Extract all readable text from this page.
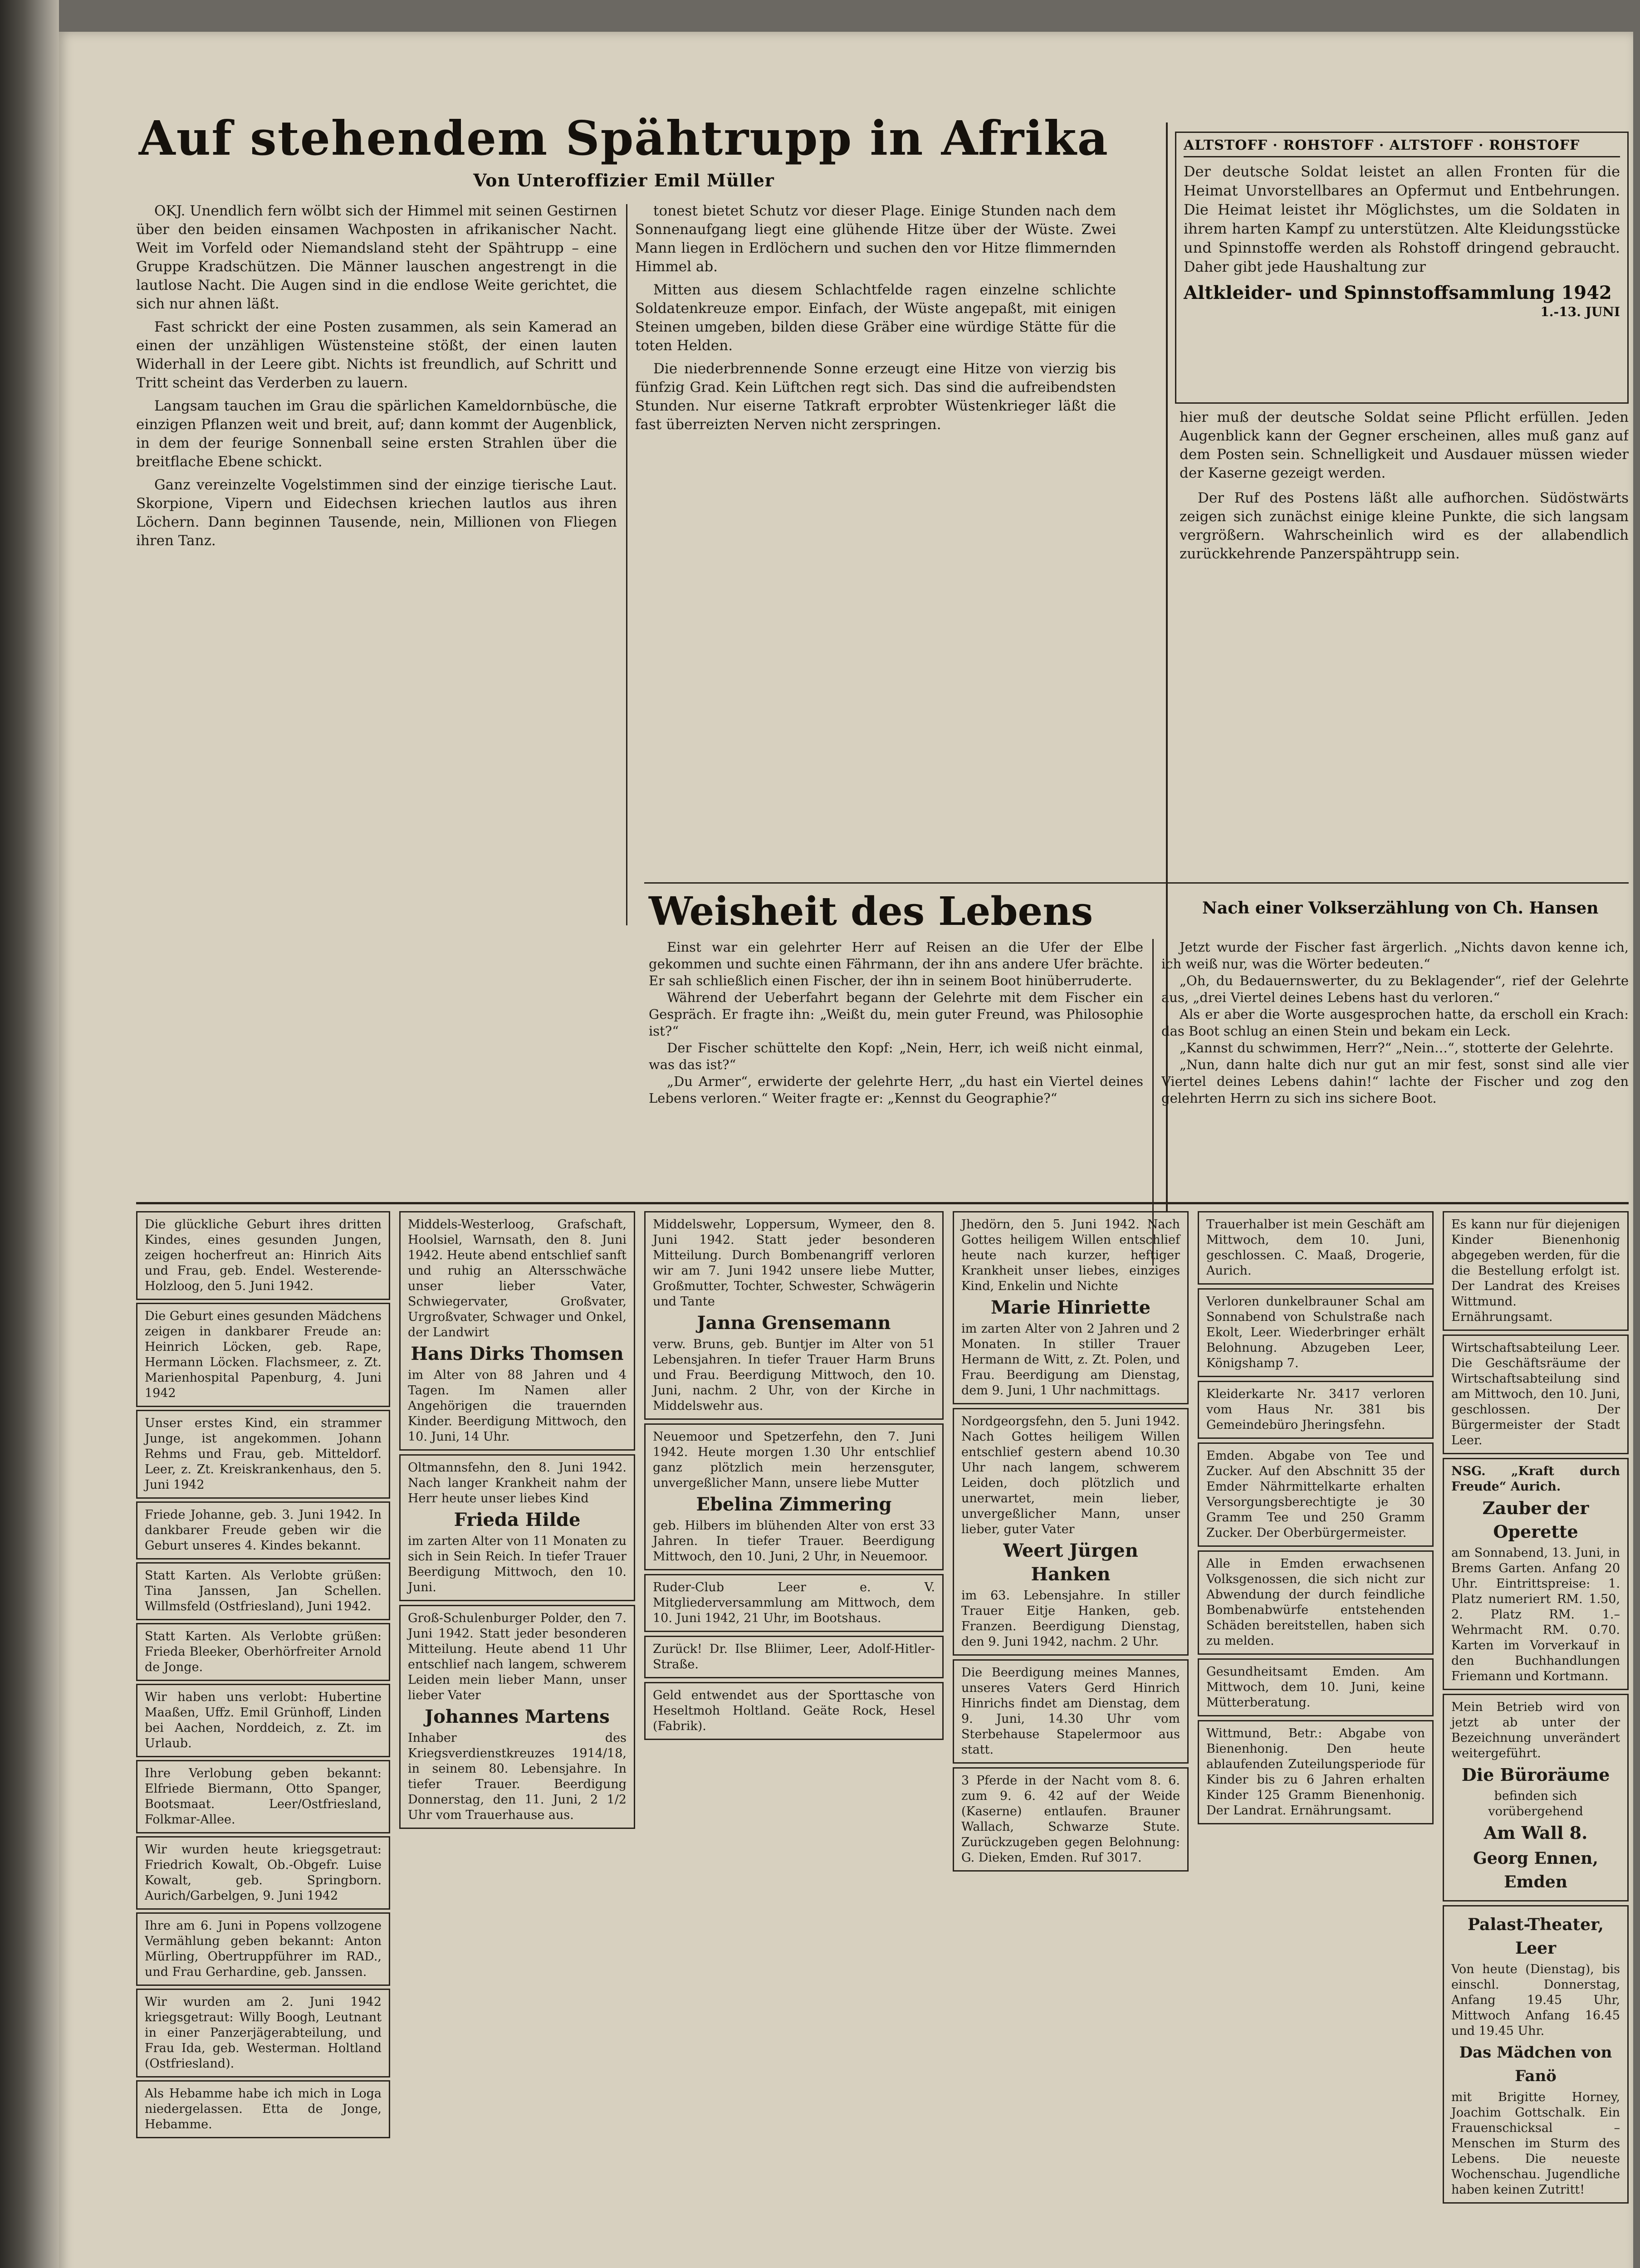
Auf stehendem Spähtrupp in Afrika
Von Unteroffizier Emil Müller

OKJ. Unendlich fern wölbt sich der Himmel mit seinen Gestirnen über den beiden einsamen Wachposten in afrikanischer Nacht. Weit im Vorfeld oder Niemandsland steht der Spähtrupp – eine Gruppe Kradschützen. Die Männer lauschen angestrengt in die lautlose Nacht. Die Augen sind in die endlose Weite gerichtet, die sich nur ahnen läßt.

Fast schrickt der eine Posten zusammen, als sein Kamerad an einen der unzähligen Wüstensteine stößt, der einen lauten Widerhall in der Leere gibt. Nichts ist freundlich, auf Schritt und Tritt scheint das Verderben zu lauern.

Langsam tauchen im Grau die spärlichen Kameldornbüsche, die einzigen Pflanzen weit und breit, auf; dann kommt der Augenblick, in dem der feurige Sonnenball seine ersten Strahlen über die breitflache Ebene schickt.

Ganz vereinzelte Vogelstimmen sind der einzige tierische Laut. Skorpione, Vipern und Eidechsen kriechen lautlos aus ihren Löchern. Dann beginnen Tausende, nein, Millionen von Fliegen ihren Tanz.

tonest bietet Schutz vor dieser Plage. Einige Stunden nach dem Sonnenaufgang liegt eine glühende Hitze über der Wüste. Zwei Mann liegen in Erdlöchern und suchen den vor Hitze flimmernden Himmel ab.

Mitten aus diesem Schlachtfelde ragen einzelne schlichte Soldatenkreuze empor. Einfach, der Wüste angepaßt, mit einigen Steinen umgeben, bilden diese Gräber eine würdige Stätte für die toten Helden.

Die niederbrennende Sonne erzeugt eine Hitze von vierzig bis fünfzig Grad. Kein Lüftchen regt sich. Das sind die aufreibendsten Stunden. Nur eiserne Tatkraft erprobter Wüstenkrieger läßt die fast überreizten Nerven nicht zerspringen.

ALTSTOFF · ROHSTOFF · ALTSTOFF · ROHSTOFF

Der deutsche Soldat leistet an allen Fronten für die Heimat Unvorstellbares an Opfermut und Entbehrungen. Die Heimat leistet ihr Möglichstes, um die Soldaten in ihrem harten Kampf zu unterstützen. Alte Kleidungsstücke und Spinnstoffe werden als Rohstoff dringend gebraucht. Daher gibt jede Haushaltung zur

Altkleider- und Spinnstoffsammlung 1942
1.-13. JUNI

hier muß der deutsche Soldat seine Pflicht erfüllen. Jeden Augenblick kann der Gegner erscheinen, alles muß ganz auf dem Posten sein. Schnelligkeit und Ausdauer müssen wieder der Kaserne gezeigt werden.

Der Ruf des Postens läßt alle aufhorchen. Südöstwärts zeigen sich zunächst einige kleine Punkte, die sich langsam vergrößern. Wahrscheinlich wird es der allabendlich zurückkehrende Panzerspähtrupp sein.

Weisheit des Lebens	Nach einer Volkserzählung von Ch. Hansen

Einst war ein gelehrter Herr auf Reisen an die Ufer der Elbe gekommen und suchte einen Fährmann, der ihn ans andere Ufer brächte. Er sah schließlich einen Fischer, der ihn in seinem Boot hinüberruderte.

Während der Ueberfahrt begann der Gelehrte mit dem Fischer ein Gespräch. Er fragte ihn: „Weißt du, mein guter Freund, was Philosophie ist?“

Der Fischer schüttelte den Kopf: „Nein, Herr, ich weiß nicht einmal, was das ist?“

„Du Armer“, erwiderte der gelehrte Herr, „du hast ein Viertel deines Lebens verloren.“ Weiter fragte er: „Kennst du Geographie?“

Jetzt wurde der Fischer fast ärgerlich. „Nichts davon kenne ich, ich weiß nur, was die Wörter bedeuten.“

„Oh, du Bedauernswerter, du zu Beklagender“, rief der Gelehrte aus, „drei Viertel deines Lebens hast du verloren.“

Als er aber die Worte ausgesprochen hatte, da erscholl ein Krach: das Boot schlug an einen Stein und bekam ein Leck.

„Kannst du schwimmen, Herr?“ „Nein…“, stotterte der Gelehrte.

„Nun, dann halte dich nur gut an mir fest, sonst sind alle vier Viertel deines Lebens dahin!“ lachte der Fischer und zog den gelehrten Herrn zu sich ins sichere Boot.

Die glückliche Geburt ihres dritten Kindes, eines gesunden Jungen, zeigen hocherfreut an: Hinrich Aits und Frau, geb. Endel. Westerende-Holzloog, den 5. Juni 1942.

Die Geburt eines gesunden Mädchens zeigen in dankbarer Freude an: Heinrich Löcken, geb. Rape, Hermann Löcken. Flachsmeer, z. Zt. Marienhospital Papenburg, 4. Juni 1942

Unser erstes Kind, ein strammer Junge, ist angekommen. Johann Rehms und Frau, geb. Mitteldorf. Leer, z. Zt. Kreiskrankenhaus, den 5. Juni 1942

Friede Johanne, geb. 3. Juni 1942. In dankbarer Freude geben wir die Geburt unseres 4. Kindes bekannt.

Statt Karten. Als Verlobte grüßen: Tina Janssen, Jan Schellen. Willmsfeld (Ostfriesland), Juni 1942.

Statt Karten. Als Verlobte grüßen: Frieda Bleeker, Oberhörfreiter Arnold de Jonge.

Wir haben uns verlobt: Hubertine Maaßen, Uffz. Emil Grünhoff, Linden bei Aachen, Norddeich, z. Zt. im Urlaub.

Ihre Verlobung geben bekannt: Elfriede Biermann, Otto Spanger, Bootsmaat. Leer/Ostfriesland, Folkmar-Allee.

Wir wurden heute kriegsgetraut: Friedrich Kowalt, Ob.-Obgefr. Luise Kowalt, geb. Springborn. Aurich/Garbelgen, 9. Juni 1942

Ihre am 6. Juni in Popens vollzogene Vermählung geben bekannt: Anton Mürling, Obertruppführer im RAD., und Frau Gerhardine, geb. Janssen.

Wir wurden am 2. Juni 1942 kriegsgetraut: Willy Boogh, Leutnant in einer Panzerjägerabteilung, und Frau Ida, geb. Westerman. Holtland (Ostfriesland).

Als Hebamme habe ich mich in Loga niedergelassen. Etta de Jonge, Hebamme.

Middels-Westerloog, Grafschaft, Hoolsiel, Warnsath, den 8. Juni 1942. Heute abend entschlief sanft und ruhig an Altersschwäche unser lieber Vater, Schwiegervater, Großvater, Urgroßvater, Schwager und Onkel, der Landwirt

Hans Dirks Thomsen

im Alter von 88 Jahren und 4 Tagen. Im Namen aller Angehörigen die trauernden Kinder. Beerdigung Mittwoch, den 10. Juni, 14 Uhr.

Oltmannsfehn, den 8. Juni 1942. Nach langer Krankheit nahm der Herr heute unser liebes Kind

Frieda Hilde

im zarten Alter von 11 Monaten zu sich in Sein Reich. In tiefer Trauer Beerdigung Mittwoch, den 10. Juni.

Groß-Schulenburger Polder, den 7. Juni 1942. Statt jeder besonderen Mitteilung. Heute abend 11 Uhr entschlief nach langem, schwerem Leiden mein lieber Mann, unser lieber Vater

Johannes Martens

Inhaber des Kriegsverdienstkreuzes 1914/18, in seinem 80. Lebensjahre. In tiefer Trauer. Beerdigung Donnerstag, den 11. Juni, 2 1/2 Uhr vom Trauerhause aus.

Middelswehr, Loppersum, Wymeer, den 8. Juni 1942. Statt jeder besonderen Mitteilung. Durch Bombenangriff verloren wir am 7. Juni 1942 unsere liebe Mutter, Großmutter, Tochter, Schwester, Schwägerin und Tante

Janna Grensemann

verw. Bruns, geb. Buntjer im Alter von 51 Lebensjahren. In tiefer Trauer Harm Bruns und Frau. Beerdigung Mittwoch, den 10. Juni, nachm. 2 Uhr, von der Kirche in Middelswehr aus.

Neuemoor und Spetzerfehn, den 7. Juni 1942. Heute morgen 1.30 Uhr entschlief ganz plötzlich mein herzensguter, unvergeßlicher Mann, unsere liebe Mutter

Ebelina Zimmering

geb. Hilbers im blühenden Alter von erst 33 Jahren. In tiefer Trauer. Beerdigung Mittwoch, den 10. Juni, 2 Uhr, in Neuemoor.

Ruder-Club Leer e. V. Mitgliederversammlung am Mittwoch, dem 10. Juni 1942, 21 Uhr, im Bootshaus.

Zurück! Dr. Ilse Bliimer, Leer, Adolf-Hitler-Straße.

Geld entwendet aus der Sporttasche von Heseltmoh Holtland. Geäte Rock, Hesel (Fabrik).

Jhedörn, den 5. Juni 1942. Nach Gottes heiligem Willen entschlief heute nach kurzer, heftiger Krankheit unser liebes, einziges Kind, Enkelin und Nichte

Marie Hinriette

im zarten Alter von 2 Jahren und 2 Monaten. In stiller Trauer Hermann de Witt, z. Zt. Polen, und Frau. Beerdigung am Dienstag, dem 9. Juni, 1 Uhr nachmittags.

Nordgeorgsfehn, den 5. Juni 1942. Nach Gottes heiligem Willen entschlief gestern abend 10.30 Uhr nach langem, schwerem Leiden, doch plötzlich und unerwartet, mein lieber, unvergeßlicher Mann, unser lieber, guter Vater

Weert Jürgen Hanken

im 63. Lebensjahre. In stiller Trauer Eitje Hanken, geb. Franzen. Beerdigung Dienstag, den 9. Juni 1942, nachm. 2 Uhr.

Die Beerdigung meines Mannes, unseres Vaters Gerd Hinrich Hinrichs findet am Dienstag, dem 9. Juni, 14.30 Uhr vom Sterbehause Stapelermoor aus statt.

3 Pferde in der Nacht vom 8. 6. zum 9. 6. 42 auf der Weide (Kaserne) entlaufen. Brauner Wallach, Schwarze Stute. Zurückzugeben gegen Belohnung: G. Dieken, Emden. Ruf 3017.

Trauerhalber ist mein Geschäft am Mittwoch, dem 10. Juni, geschlossen. C. Maaß, Drogerie, Aurich.

Verloren dunkelbrauner Schal am Sonnabend von Schulstraße nach Ekolt, Leer. Wiederbringer erhält Belohnung. Abzugeben Leer, Königshamp 7.

Kleiderkarte Nr. 3417 verloren vom Haus Nr. 381 bis Gemeindebüro Jheringsfehn.

Emden. Abgabe von Tee und Zucker. Auf den Abschnitt 35 der Emder Nährmittelkarte erhalten Versorgungsberechtigte je 30 Gramm Tee und 250 Gramm Zucker. Der Oberbürgermeister.

Alle in Emden erwachsenen Volksgenossen, die sich nicht zur Abwendung der durch feindliche Bombenabwürfe entstehenden Schäden bereitstellen, haben sich zu melden.

Gesundheitsamt Emden. Am Mittwoch, dem 10. Juni, keine Mütterberatung.

Wittmund, Betr.: Abgabe von Bienenhonig. Den heute ablaufenden Zuteilungsperiode für Kinder bis zu 6 Jahren erhalten Kinder 125 Gramm Bienenhonig. Der Landrat. Ernährungsamt.

Es kann nur für diejenigen Kinder Bienenhonig abgegeben werden, für die die Bestellung erfolgt ist. Der Landrat des Kreises Wittmund. Ernährungsamt.

Wirtschaftsabteilung Leer. Die Geschäftsräume der Wirtschaftsabteilung sind am Mittwoch, den 10. Juni, geschlossen. Der Bürgermeister der Stadt Leer.

NSG. „Kraft durch Freude“ Aurich.

Zauber der Operette

am Sonnabend, 13. Juni, in Brems Garten. Anfang 20 Uhr. Eintrittspreise: 1. Platz numeriert RM. 1.50, 2. Platz RM. 1.– Wehrmacht RM. 0.70. Karten im Vorverkauf in den Buchhandlungen Friemann und Kortmann.

Mein Betrieb wird von jetzt ab unter der Bezeichnung unverändert weitergeführt.

Die Büroräume

befinden sich vorübergehend

Am Wall 8.
Georg Ennen, Emden
Palast-Theater, Leer

Von heute (Dienstag), bis einschl. Donnerstag, Anfang 19.45 Uhr, Mittwoch Anfang 16.45 und 19.45 Uhr.

Das Mädchen von Fanö

mit Brigitte Horney, Joachim Gottschalk. Ein Frauenschicksal – Menschen im Sturm des Lebens. Die neueste Wochenschau. Jugendliche haben keinen Zutritt!
